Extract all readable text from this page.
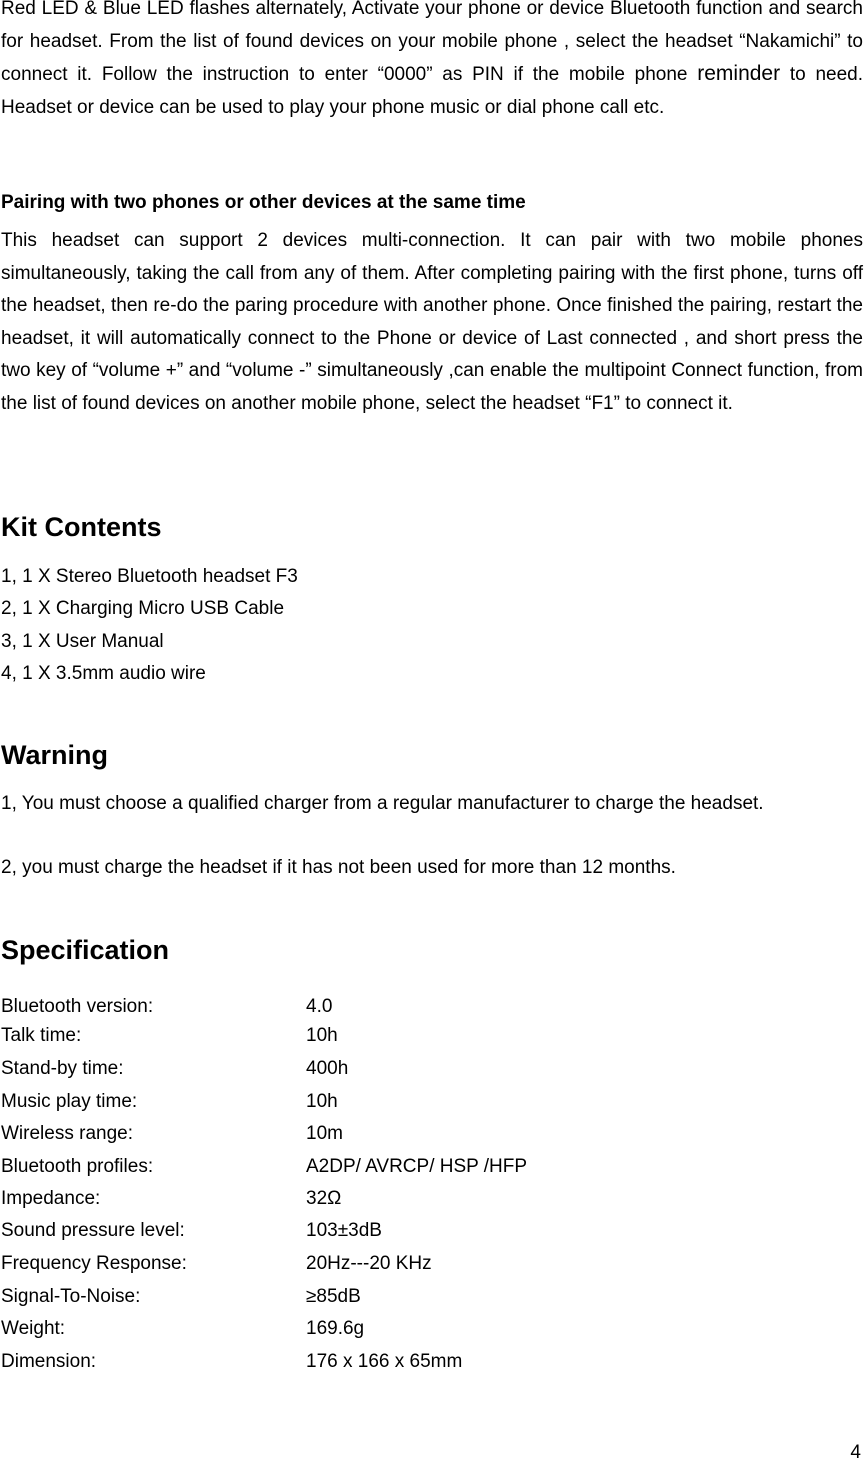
Red LED & Blue LED flashes alternately, Activate your phone or device Bluetooth function and search for headset. From the list of found devices on your mobile phone , select the headset “Nakamichi” to connect it. Follow the instruction to enter “0000” as PIN if the mobile phone reminder to need. Headset or device can be used to play your phone music or dial phone call etc.

Pairing with two phones or other devices at the same time

This headset can support 2 devices multi-connection. It can pair with two mobile phones simultaneously, taking the call from any of them. After completing pairing with the first phone, turns off the headset, then re-do the paring procedure with another phone. Once finished the pairing, restart the headset, it will automatically connect to the Phone or device of Last connected , and short press the two key of “volume +” and “volume -” simultaneously ,can enable the multipoint Connect function, from the list of found devices on another mobile phone, select the headset “F1” to connect it.

Kit Contents
1, 1 X Stereo Bluetooth headset F3
2, 1 X Charging Micro USB Cable
3, 1 X User Manual
4, 1 X 3.5mm audio wire
Warning

1, You must choose a qualified charger from a regular manufacturer to charge the headset.

2, you must charge the headset if it has not been used for more than 12 months.
Specification
Bluetooth version:	4.0
Talk time:	10h
Stand-by time:	400h
Music play time:	10h
Wireless range:	10m
Bluetooth profiles:	A2DP/ AVRCP/ HSP /HFP
Impedance:	32Ω
Sound pressure level:	103±3dB
Frequency Response:	20Hz---20 KHz
Signal-To-Noise:	≥85dB
Weight:	169.6g
Dimension:	176 x 166 x 65mm
4
